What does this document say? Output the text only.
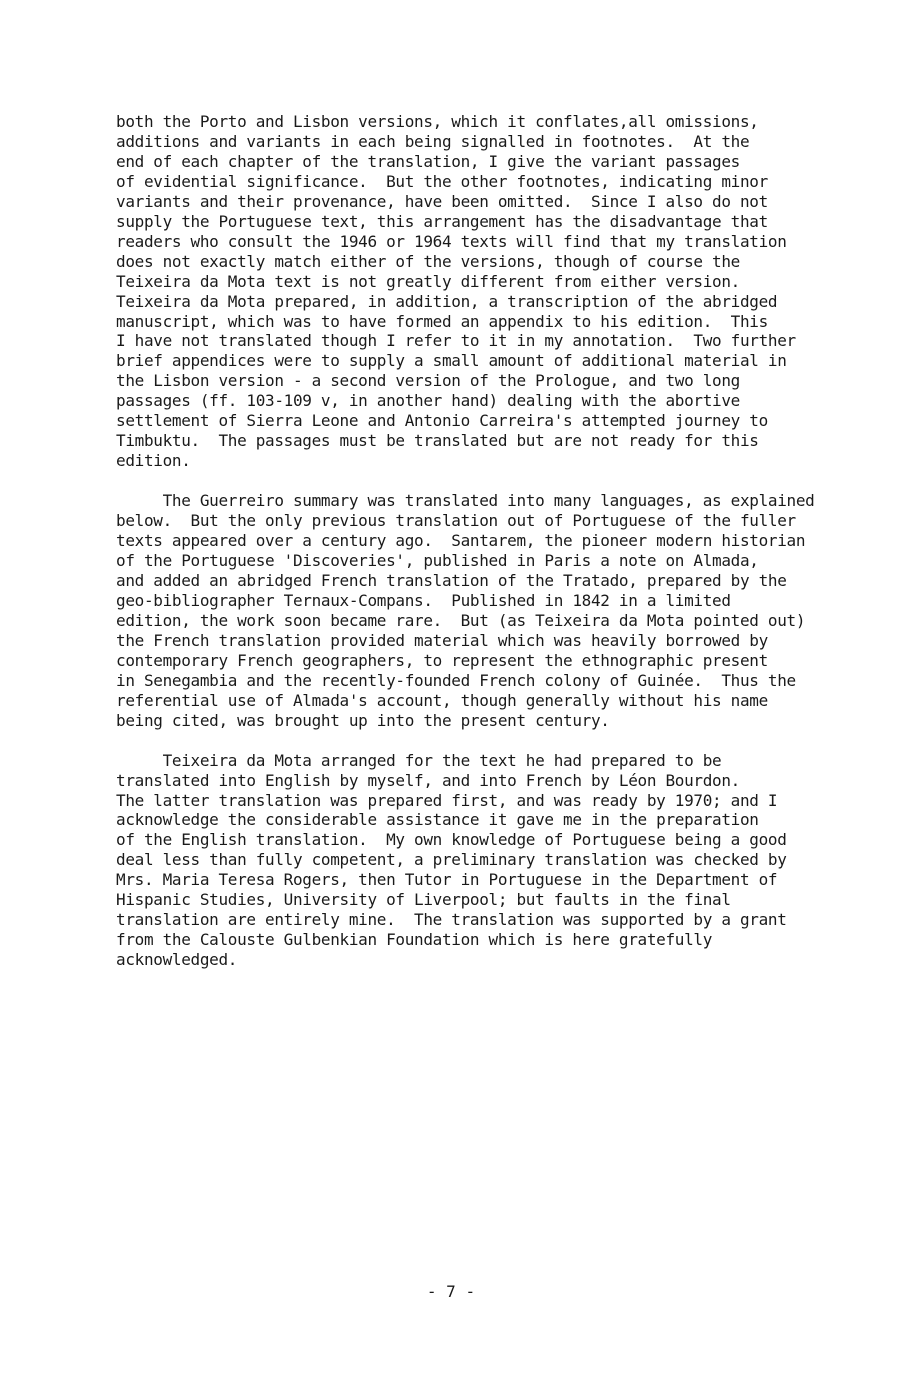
both the Porto and Lisbon versions, which it conflates,all omissions,
additions and variants in each being signalled in footnotes.  At the
end of each chapter of the translation, I give the variant passages
of evidential significance.  But the other footnotes, indicating minor
variants and their provenance, have been omitted.  Since I also do not
supply the Portuguese text, this arrangement has the disadvantage that
readers who consult the 1946 or 1964 texts will find that my translation
does not exactly match either of the versions, though of course the
Teixeira da Mota text is not greatly different from either version.
Teixeira da Mota prepared, in addition, a transcription of the abridged
manuscript, which was to have formed an appendix to his edition.  This
I have not translated though I refer to it in my annotation.  Two further
brief appendices were to supply a small amount of additional material in
the Lisbon version - a second version of the Prologue, and two long
passages (ff. 103-109 v, in another hand) dealing with the abortive
settlement of Sierra Leone and Antonio Carreira's attempted journey to
Timbuktu.  The passages must be translated but are not ready for this
edition.

The Guerreiro summary was translated into many languages, as explained
below.  But the only previous translation out of Portuguese of the fuller
texts appeared over a century ago.  Santarem, the pioneer modern historian
of the Portuguese 'Discoveries', published in Paris a note on Almada,
and added an abridged French translation of the Tratado, prepared by the
geo-bibliographer Ternaux-Compans.  Published in 1842 in a limited
edition, the work soon became rare.  But (as Teixeira da Mota pointed out)
the French translation provided material which was heavily borrowed by
contemporary French geographers, to represent the ethnographic present
in Senegambia and the recently-founded French colony of Guinée.  Thus the
referential use of Almada's account, though generally without his name
being cited, was brought up into the present century.

Teixeira da Mota arranged for the text he had prepared to be
translated into English by myself, and into French by Léon Bourdon.
The latter translation was prepared first, and was ready by 1970; and I
acknowledge the considerable assistance it gave me in the preparation
of the English translation.  My own knowledge of Portuguese being a good
deal less than fully competent, a preliminary translation was checked by
Mrs. Maria Teresa Rogers, then Tutor in Portuguese in the Department of
Hispanic Studies, University of Liverpool; but faults in the final
translation are entirely mine.  The translation was supported by a grant
from the Calouste Gulbenkian Foundation which is here gratefully
acknowledged.

- 7 -
